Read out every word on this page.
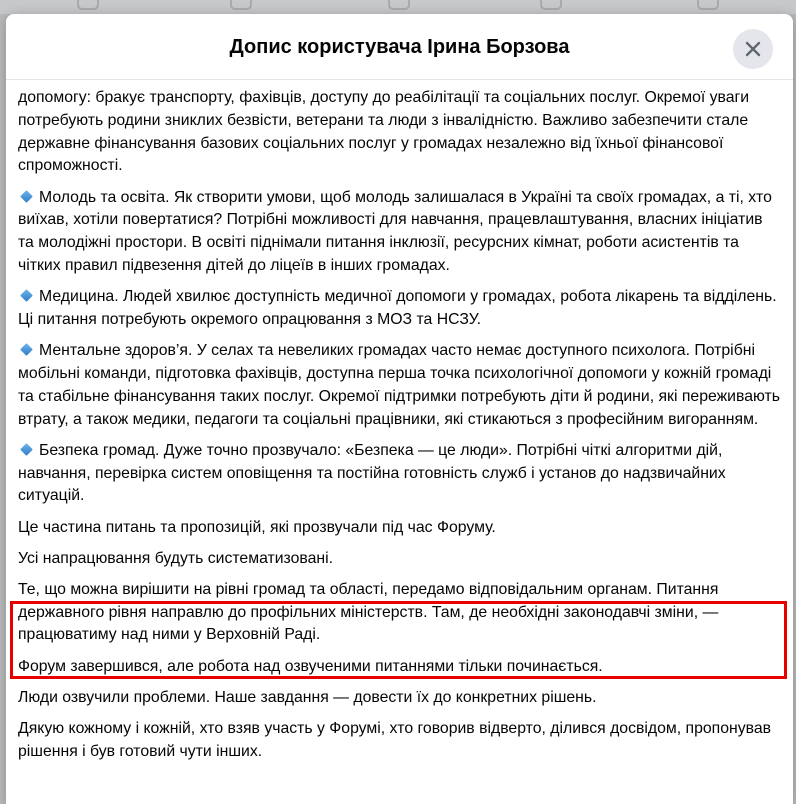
Допис користувача Ірина Борзова
допомогу: бракує транспорту, фахівців, доступу до реабілітації та соціальних послуг. Окремої уваги потребують родини зниклих безвісти, ветерани та люди з інвалідністю. Важливо забезпечити стале державне фінансування базових соціальних послуг у громадах незалежно від їхньої фінансової спроможності.
Молодь та освіта. Як створити умови, щоб молодь залишалася в Україні та своїх громадах, а ті, хто виїхав, хотіли повертатися? Потрібні можливості для навчання, працевлаштування, власних ініціатив та молодіжні простори. В освіті піднімали питання інклюзії, ресурсних кімнат, роботи асистентів та чітких правил підвезення дітей до ліцеїв в інших громадах.
Медицина. Людей хвилює доступність медичної допомоги у громадах, робота лікарень та відділень. Ці питання потребують окремого опрацювання з МОЗ та НСЗУ.
Ментальне здоров’я. У селах та невеликих громадах часто немає доступного психолога. Потрібні мобільні команди, підготовка фахівців, доступна перша точка психологічної допомоги у кожній громаді та стабільне фінансування таких послуг. Окремої підтримки потребують діти й родини, які переживають втрату, а також медики, педагоги та соціальні працівники, які стикаються з професійним вигоранням.
Безпека громад. Дуже точно прозвучало: «Безпека — це люди». Потрібні чіткі алгоритми дій, навчання, перевірка систем оповіщення та постійна готовність служб і установ до надзвичайних ситуацій.
Це частина питань та пропозицій, які прозвучали під час Форуму.
Усі напрацювання будуть систематизовані.
Те, що можна вирішити на рівні громад та області, передамо відповідальним органам. Питання державного рівня направлю до профільних міністерств. Там, де необхідні законодавчі зміни, — працюватиму над ними у Верховній Раді.
Форум завершився, але робота над озвученими питаннями тільки починається.
Люди озвучили проблеми. Наше завдання — довести їх до конкретних рішень.
Дякую кожному і кожній, хто взяв участь у Форумі, хто говорив відверто, ділився досвідом, пропонував рішення і був готовий чути інших.
